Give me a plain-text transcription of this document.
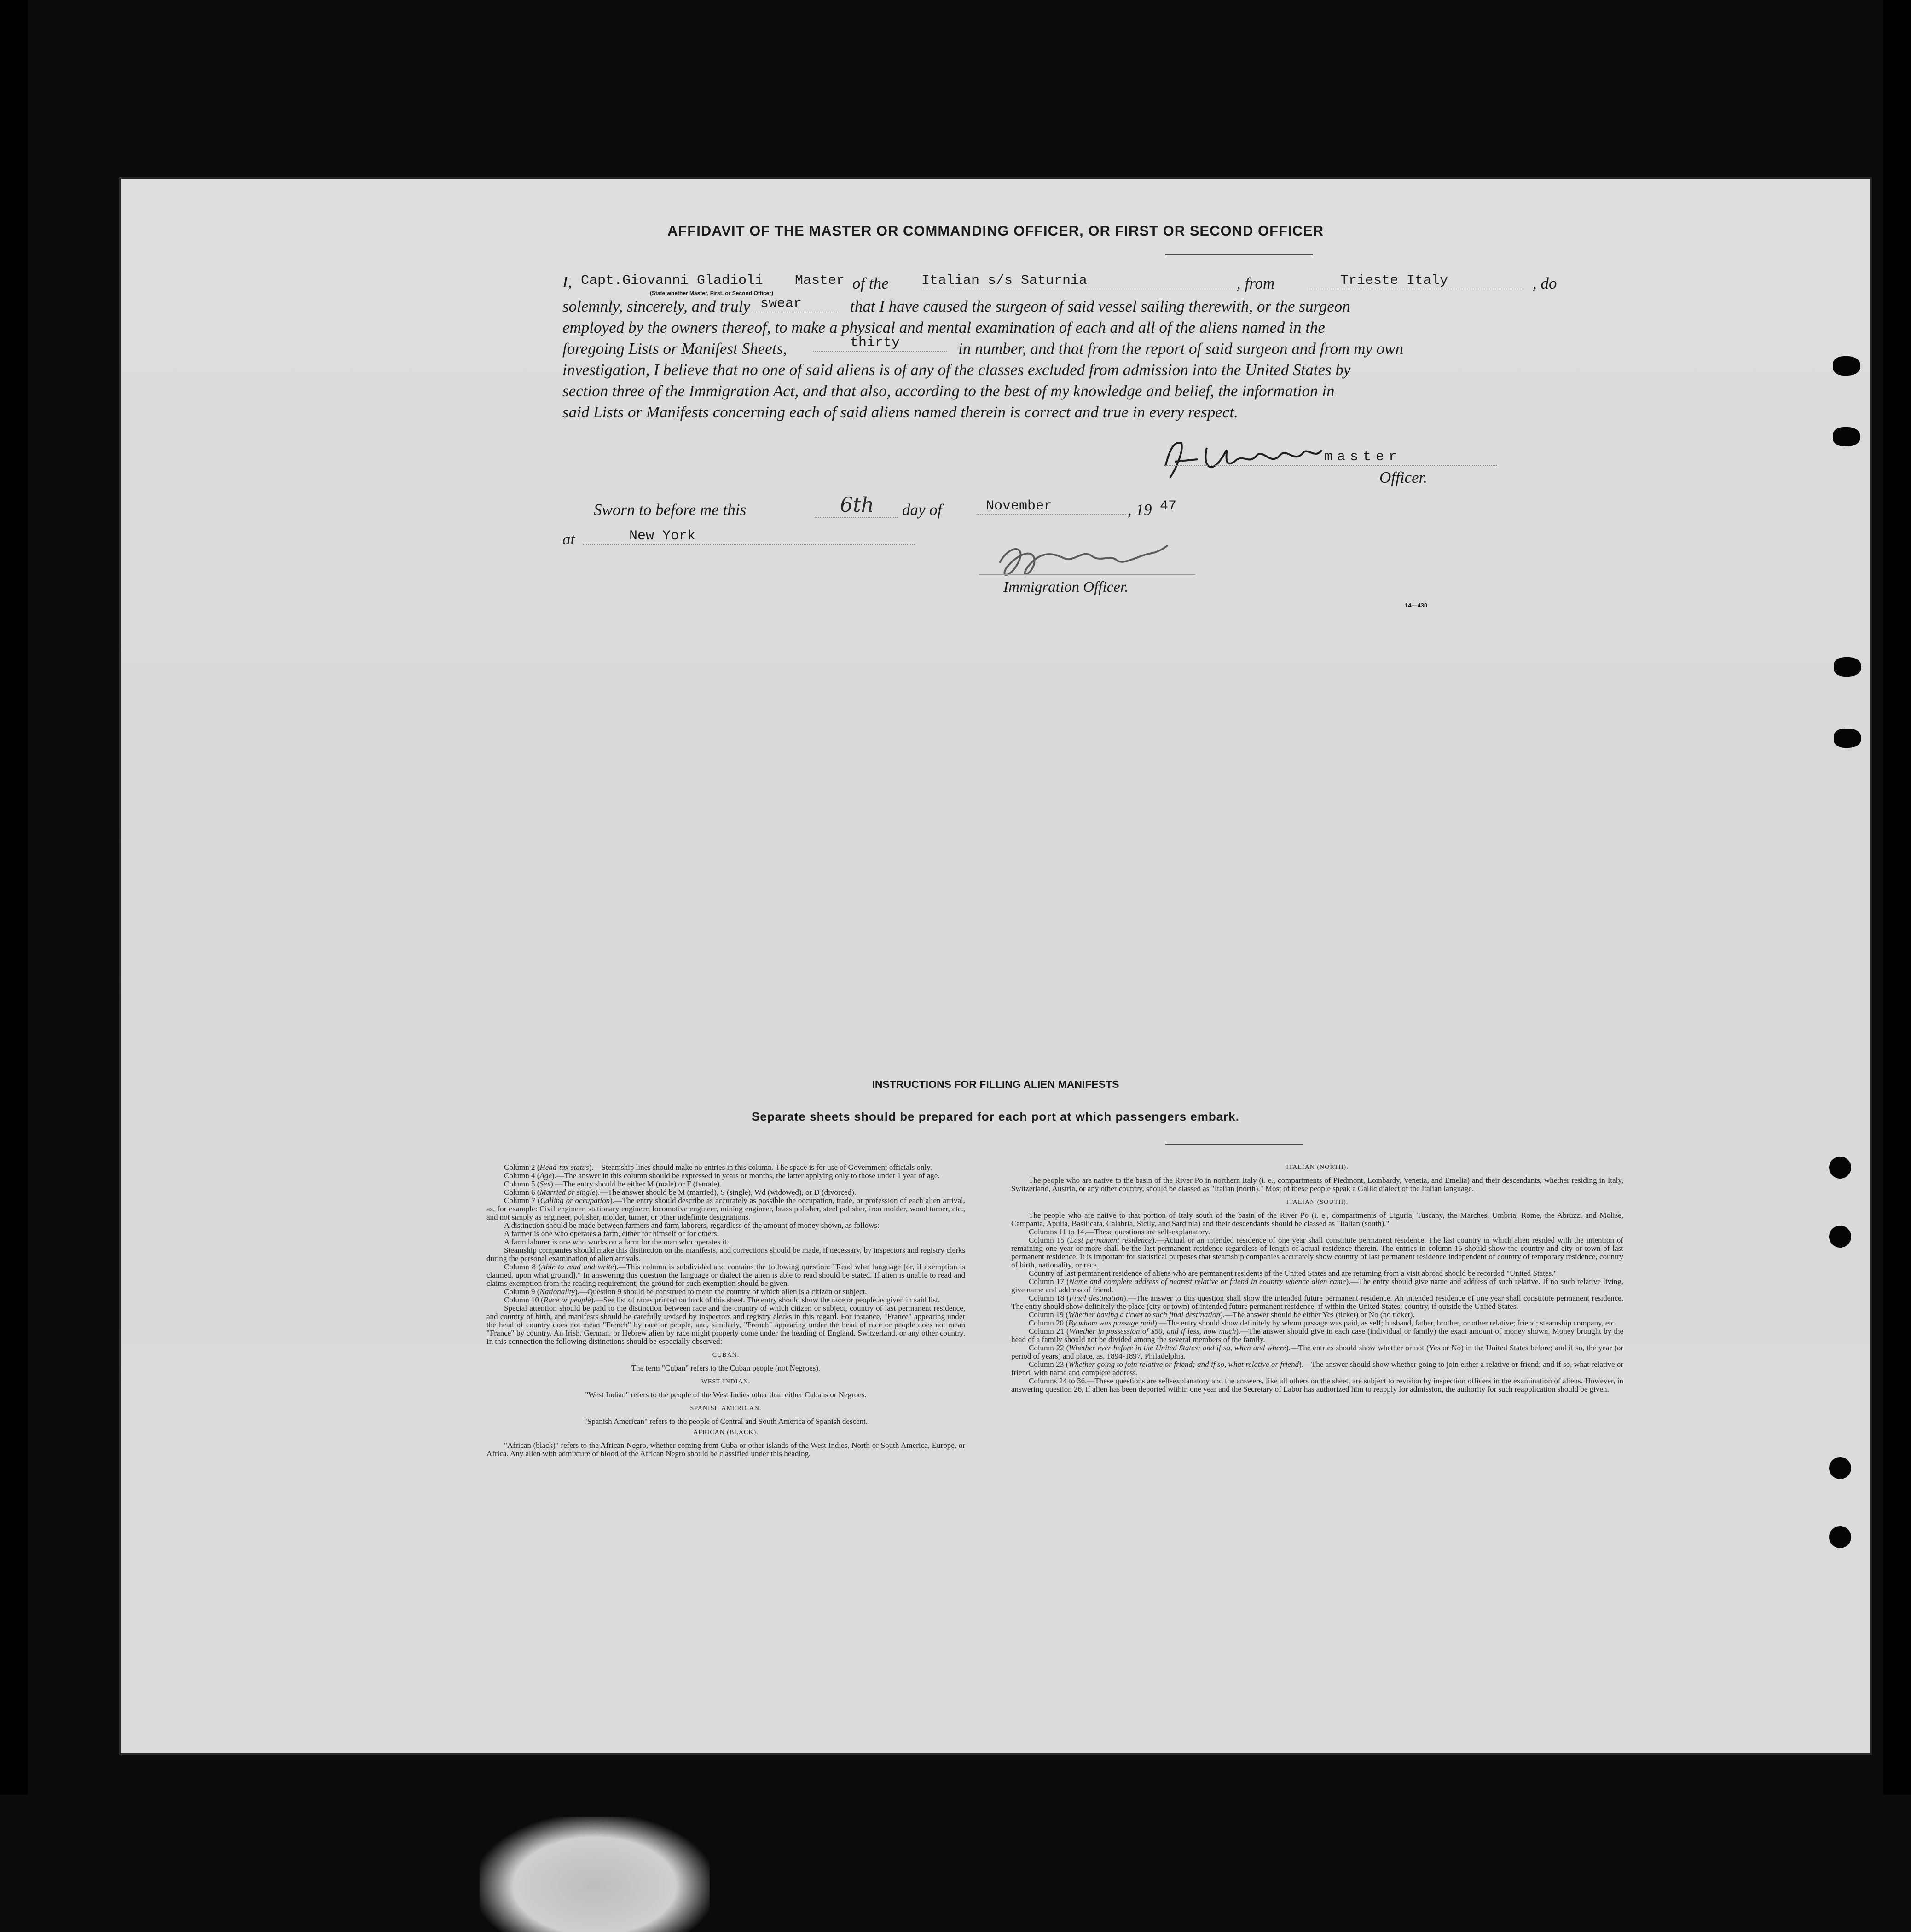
AFFIDAVIT OF THE MASTER OR COMMANDING OFFICER, OR FIRST OR SECOND OFFICER
I, Capt.Giovanni Gladioli Master of the Italian s/s Saturnia	, from	Trieste Italy	, do
(State whether Master, First, or Second Officer)
solemnly, sincerely, and truly swear	that I have caused the surgeon of said vessel sailing therewith, or the surgeon
employed by the owners thereof, to make a physical and mental examination of each and all of the aliens named in the
foregoing Lists or Manifest Sheets,	thirty	in number, and that from the report of said surgeon and from my own
investigation, I believe that no one of said aliens is of any of the classes excluded from admission into the United States by
section three of the Immigration Act, and that also, according to the best of my knowledge and belief, the information in
said Lists or Manifests concerning each of said aliens named therein is correct and true in every respect.
master
Officer.
Sworn to before me this	6th	day of	November	, 19 47
at	New York
Immigration Officer.
14—430
INSTRUCTIONS FOR FILLING ALIEN MANIFESTS
Separate sheets should be prepared for each port at which passengers embark.

Column 2 (Head-tax status).—Steamship lines should make no entries in this column. The space is for use of Government officials only.

Column 4 (Age).—The answer in this column should be expressed in years or months, the latter applying only to those under 1 year of age.

Column 5 (Sex).—The entry should be either M (male) or F (female).

Column 6 (Married or single).—The answer should be M (married), S (single), Wd (widowed), or D (divorced).

Column 7 (Calling or occupation).—The entry should describe as accurately as possible the occupation, trade, or profession of each alien arrival, as, for example: Civil engineer, stationary engineer, locomotive engineer, mining engineer, brass polisher, steel polisher, iron molder, wood turner, etc., and not simply as engineer, polisher, molder, turner, or other indefinite designations.

A distinction should be made between farmers and farm laborers, regardless of the amount of money shown, as follows:

A farmer is one who operates a farm, either for himself or for others.

A farm laborer is one who works on a farm for the man who operates it.

Steamship companies should make this distinction on the manifests, and corrections should be made, if necessary, by inspectors and registry clerks during the personal examination of alien arrivals.

Column 8 (Able to read and write).—This column is subdivided and contains the following question: "Read what language [or, if exemption is claimed, upon what ground]." In answering this question the language or dialect the alien is able to read should be stated. If alien is unable to read and claims exemption from the reading requirement, the ground for such exemption should be given.

Column 9 (Nationality).—Question 9 should be construed to mean the country of which alien is a citizen or subject.

Column 10 (Race or people).—See list of races printed on back of this sheet. The entry should show the race or people as given in said list.

Special attention should be paid to the distinction between race and the country of which citizen or subject, country of last permanent residence, and country of birth, and manifests should be carefully revised by inspectors and registry clerks in this regard. For instance, "France" appearing under the head of country does not mean "French" by race or people, and, similarly, "French" appearing under the head of race or people does not mean "France" by country. An Irish, German, or Hebrew alien by race might properly come under the heading of England, Switzerland, or any other country. In this connection the following distinctions should be especially observed:

CUBAN.

The term "Cuban" refers to the Cuban people (not Negroes).

WEST INDIAN.

"West Indian" refers to the people of the West Indies other than either Cubans or Negroes.

SPANISH AMERICAN.

"Spanish American" refers to the people of Central and South America of Spanish descent.

AFRICAN (BLACK).

"African (black)" refers to the African Negro, whether coming from Cuba or other islands of the West Indies, North or South America, Europe, or Africa. Any alien with admixture of blood of the African Negro should be classified under this heading.

ITALIAN (NORTH).

The people who are native to the basin of the River Po in northern Italy (i. e., compartments of Piedmont, Lombardy, Venetia, and Emelia) and their descendants, whether residing in Italy, Switzerland, Austria, or any other country, should be classed as "Italian (north)." Most of these people speak a Gallic dialect of the Italian language.

ITALIAN (SOUTH).

The people who are native to that portion of Italy south of the basin of the River Po (i. e., compartments of Liguria, Tuscany, the Marches, Umbria, Rome, the Abruzzi and Molise, Campania, Apulia, Basilicata, Calabria, Sicily, and Sardinia) and their descendants should be classed as "Italian (south)."

Columns 11 to 14.—These questions are self-explanatory.

Column 15 (Last permanent residence).—Actual or an intended residence of one year shall constitute permanent residence. The last country in which alien resided with the intention of remaining one year or more shall be the last permanent residence regardless of length of actual residence therein. The entries in column 15 should show the country and city or town of last permanent residence. It is important for statistical purposes that steamship companies accurately show country of last permanent residence independent of country of temporary residence, country of birth, nationality, or race.

Country of last permanent residence of aliens who are permanent residents of the United States and are returning from a visit abroad should be recorded "United States."

Column 17 (Name and complete address of nearest relative or friend in country whence alien came).—The entry should give name and address of such relative. If no such relative living, give name and address of friend.

Column 18 (Final destination).—The answer to this question shall show the intended future permanent residence. An intended residence of one year shall constitute permanent residence. The entry should show definitely the place (city or town) of intended future permanent residence, if within the United States; country, if outside the United States.

Column 19 (Whether having a ticket to such final destination).—The answer should be either Yes (ticket) or No (no ticket).

Column 20 (By whom was passage paid).—The entry should show definitely by whom passage was paid, as self; husband, father, brother, or other relative; friend; steamship company, etc.

Column 21 (Whether in possession of $50, and if less, how much).—The answer should give in each case (individual or family) the exact amount of money shown. Money brought by the head of a family should not be divided among the several members of the family.

Column 22 (Whether ever before in the United States; and if so, when and where).—The entries should show whether or not (Yes or No) in the United States before; and if so, the year (or period of years) and place, as, 1894-1897, Philadelphia.

Column 23 (Whether going to join relative or friend; and if so, what relative or friend).—The answer should show whether going to join either a relative or friend; and if so, what relative or friend, with name and complete address.

Columns 24 to 36.—These questions are self-explanatory and the answers, like all others on the sheet, are subject to revision by inspection officers in the examination of aliens. However, in answering question 26, if alien has been deported within one year and the Secretary of Labor has authorized him to reapply for admission, the authority for such reapplication should be given.
